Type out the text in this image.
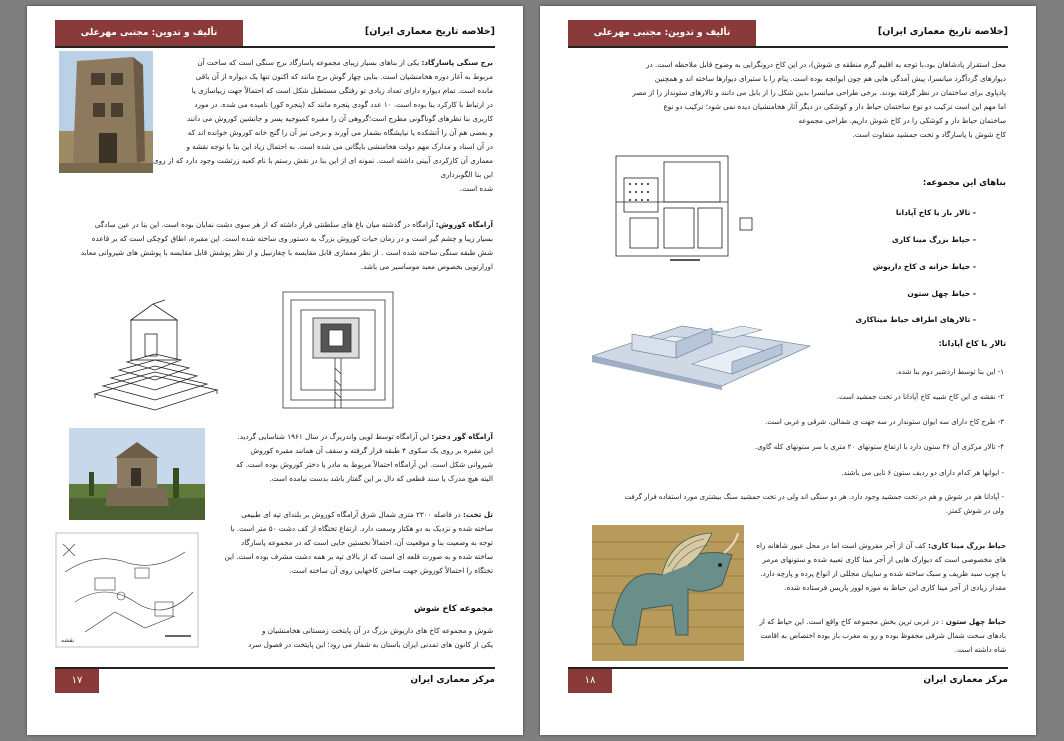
[خلاصه تاریخ معماری ایران]
تألیف و تدوین: مجتبی مهرعلی
برج سنگی پاسارگاد: یکی از بناهای بسیار زیبای مجموعه پاسارگاد برج سنگی است که ساخت آن
مربوط به آغاز دوره هخامنشیان است. بنایی چهار گوش برج مانند که اکنون تنها یک دیواره از آن باقی
مانده است. تمام دیواره دارای تعداد زیادی تو رفتگی مستطیل شکل است که احتمالاً جهت زیباسازی یا
در ارتباط با کارکرد بنا بوده است. ۱۰ عدد گودی پنجره مانند که (پنجره کور) نامیده می شده. در مورد
کاربری بنا نظرهای گوناگونی مطرح است؛گروهی آن را مقبره کمبوجیه پسر و جانشین کوروش می دانند
و بعضی هم آن را آتشکده یا نیایشگاه بشمار می آورند و برخی نیز آن را گنج خانه کوروش خوانده اند که
در آن اسناد و مدارک مهم دولت هخامنشی بایگانی می شده است. به احتمال زیاد این بنا با توجه نقشه و
معماری آن کارکردی آیینی داشته است. نمونه ای از این بنا در نقش رستم با نام کعبه زرتشت وجود دارد که از روی این بنا الگوبرداری
شده است.
آرامگاه کوروش: آرامگاه در گذشته میان باغ های سلطنتی قرار داشته که از هر سوی دشت نمایان بوده است. این بنا در عین سادگی
بسیار زیبا و چشم گیر است و در زمان حیات کوروش بزرگ به دستور وی ساخته شده است. این مقبره، اطاق کوچکی است که بر قاعده
شش طبقه سنگی ساخته شده است . از نظر معماری قابل مقایسه با چغازنبیل و از نظر پوشش قابل مقایسه با پوشش های شیروانی معابد
اورارتویی بخصوص معبد موساسیر می باشد.
آرامگاه گور دختر: این آرامگاه توسط لویی واندربرگ در سال ۱۹۶۱ شناسایی گردید.
این مقبره بر روی یک سکوی ۴ طبقه قرار گرفته و سقف آن همانند مقبره کوروش
شیروانی شکل است. این آرامگاه احتمالاً مربوط به مادر یا دختر کوروش بوده است. که
البته هیچ مدرک یا سند قطعی که دال بر این گفتار باشد بدست نیامده است.
تل تخت: در فاصله ۲۳۰۰ متری شمال شرق آرامگاه کوروش بر بلندای تپه ای طبیعی
ساخته شده و نزدیک به دو هکتار وسعت دارد. ارتفاع تختگاه از کف دشت ۵۰ متر است. با
توجه به وضعیت بنا و موقعیت آن، احتمالاً نخستین جایی است که در مجموعه پاسارگاد
ساخته شده و به صورت قلعه ای است که از بالای تپه بر همه دشت مشرف بوده است. این
تختگاه را احتمالاً کوروش جهت ساختن کاخهایی روی آن ساخته است.
نقشه
مجموعه کاخ شوش
شوش و مجموعه کاخ های داریوش بزرگ در آن پایتخت زمستانی هخامنشیان و
یکی از کانون های تمدنی ایران باستان به شمار می رود؛ این پایتخت در فصول سرد
مرکز معماری ایران
۱۷
[خلاصه تاریخ معماری ایران]
تألیف و تدوین: مجتبی مهرعلی
محل استقرار پادشاهان بود،با توجه به اقلیم گرم منطقه ی شوش)، در این کاخ درونگرایی به وضوح قابل ملاحظه است. در
دیوارهای گردآگرد میانسرا، پیش آمدگی هایی هم چون ایوانچه بوده است. پنام را با ستبرای دیوارها ساخته اند و همچنین
پادپاوی برای ساختمان در نظر گرفته بودند. برخی طراحی میانسرا بدین شکل را از بابل می دانند و تالارهای ستوندار را از مصر
اما مهم این است ترکیب دو نوع ساختمان حیاط دار و کوشکی در دیگر آثار هخامنشیان دیده نمی شود؛ ترکیب دو نوع
ساختمان حیاط دار و کوشکی را در کاخ شوش داریم. طراحی مجموعه
کاخ شوش با پاسارگاد و تخت جمشید متفاوت است.
بناهای این مجموعه:
- تالار بار یا کاخ آپادانا
- حیاط بزرگ مینا کاری
- حیاط خزانه ی کاخ داریوش
- حیاط چهل ستون
- تالارهای اطراف حیاط میناکاری
تالار یا کاخ آپادانا:
۱- این بنا توسط اردشیر دوم بنا شده.
۲- نقشه ی این کاخ شبیه کاخ آپادانا در تخت جمشید است.
۳- طرح کاخ دارای سه ایوان ستوندار در سه جهت ی شمالی، شرقی و غربی است.
۴- تالار مرکزی آن ۳۶ ستون دارد با ارتفاع ستونهای ۲۰ متری با سر ستونهای کله گاوی.
- ایوانها هر کدام دارای دو ردیف ستون ۶ تایی می باشند.
- آپادانا هم در شوش و هم در تخت جمشید وجود دارد. هر دو سنگی اند ولی در تخت جمشید سنگ بیشتری مورد استفاده قرار گرفت
ولی در شوش کمتر.
حیاط بزرگ مینا کاری: کف آن از آجر مفروش است اما در محل عبور شاهانه راه
های مخصوصی است که دیوارک هایی از آجر مینا کاری تعبیه شده و ستونهای مرمر
با چوب سبد ظریف و سبک ساخته شده و سایبان مجللی از انواع پرده و پارچه دارد.
مقدار زیادی از آجر مینا کاری این حیاط به موزه لوور پاریس فرستاده شده.
حیاط چهل ستون : در غربی ترین بخش مجموعه کاخ واقع است. این حیاط که از
بادهای سخت شمال شرقی محفوظ بوده و رو به مغرب باز بوده اختصاص به اقامت
شاه داشته است.
مرکز معماری ایران
۱۸
